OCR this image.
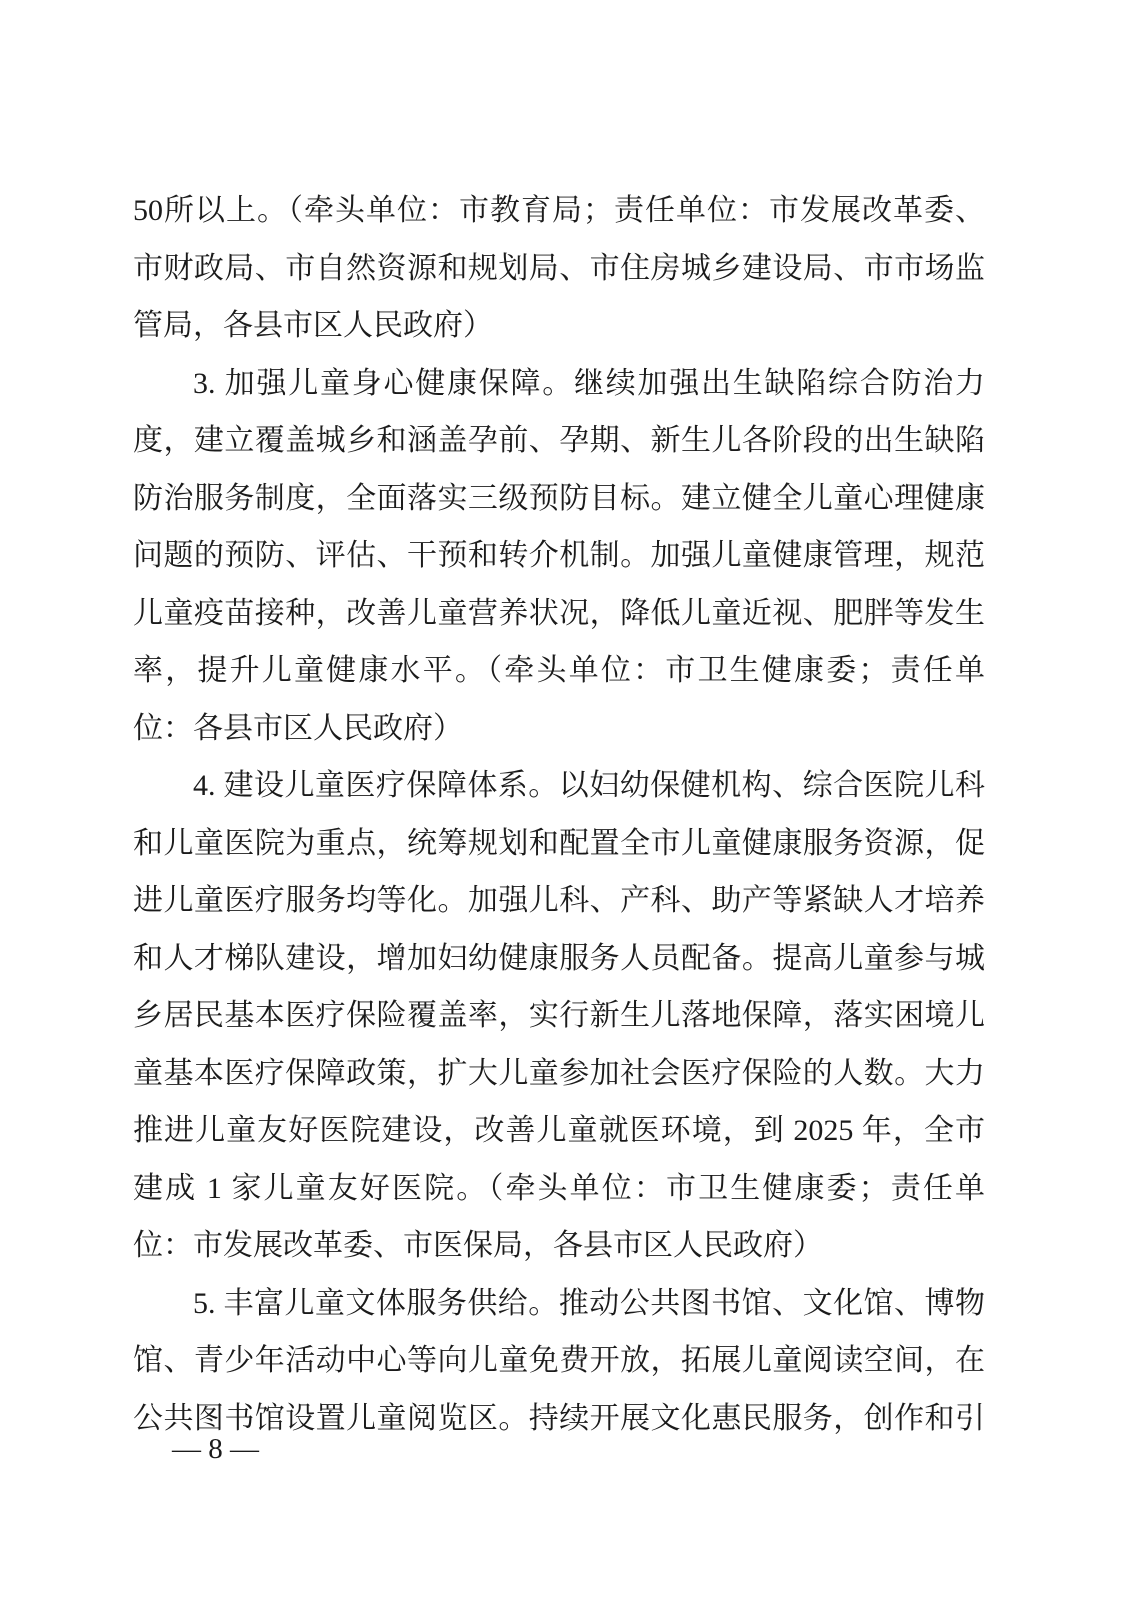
50所以上。（牵头单位：市教育局；责任单位：市发展改革委、
市财政局、市自然资源和规划局、市住房城乡建设局、市市场监
管局，各县市区人民政府）
3. 加强儿童身心健康保障。继续加强出生缺陷综合防治力
度，建立覆盖城乡和涵盖孕前、孕期、新生儿各阶段的出生缺陷
防治服务制度，全面落实三级预防目标。建立健全儿童心理健康
问题的预防、评估、干预和转介机制。加强儿童健康管理，规范
儿童疫苗接种，改善儿童营养状况，降低儿童近视、肥胖等发生
率，提升儿童健康水平。（牵头单位：市卫生健康委；责任单
位：各县市区人民政府）
4. 建设儿童医疗保障体系。以妇幼保健机构、综合医院儿科
和儿童医院为重点，统筹规划和配置全市儿童健康服务资源，促
进儿童医疗服务均等化。加强儿科、产科、助产等紧缺人才培养
和人才梯队建设，增加妇幼健康服务人员配备。提高儿童参与城
乡居民基本医疗保险覆盖率，实行新生儿落地保障，落实困境儿
童基本医疗保障政策，扩大儿童参加社会医疗保险的人数。大力
推进儿童友好医院建设，改善儿童就医环境，到 2025 年，全市
建成 1 家儿童友好医院。（牵头单位：市卫生健康委；责任单
位：市发展改革委、市医保局，各县市区人民政府）
5. 丰富儿童文体服务供给。推动公共图书馆、文化馆、博物
馆、青少年活动中心等向儿童免费开放，拓展儿童阅读空间，在
公共图书馆设置儿童阅览区。持续开展文化惠民服务，创作和引
— 8 —
